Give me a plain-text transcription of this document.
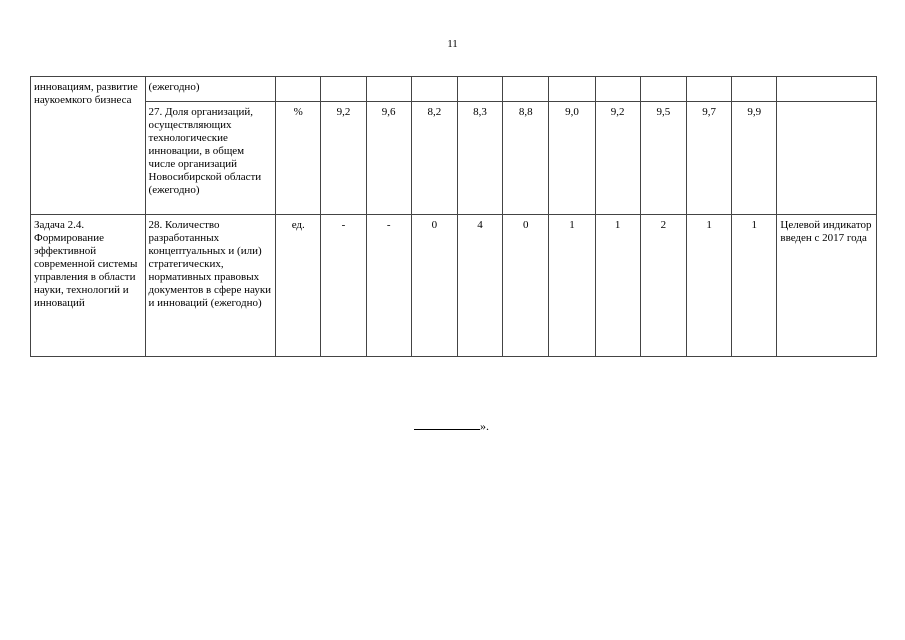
11
инновациям, развитие наукоемкого бизнеса	(ежегодно)												
	27. Доля организаций, осуществляющих технологические инновации, в общем числе организаций Новосибирской области (ежегодно)	%	9,2	9,6	8,2	8,3	8,8	9,0	9,2	9,5	9,7	9,9	
Задача 2.4. Формирование эффективной современной системы управления в области науки, технологий и инноваций	28. Количество разработанных концептуальных и (или) стратегических, нормативных правовых документов в сфере науки и инноваций (ежегодно)	ед.	-	-	0	4	0	1	1	2	1	1	Целевой индикатор введен с 2017 года
».
